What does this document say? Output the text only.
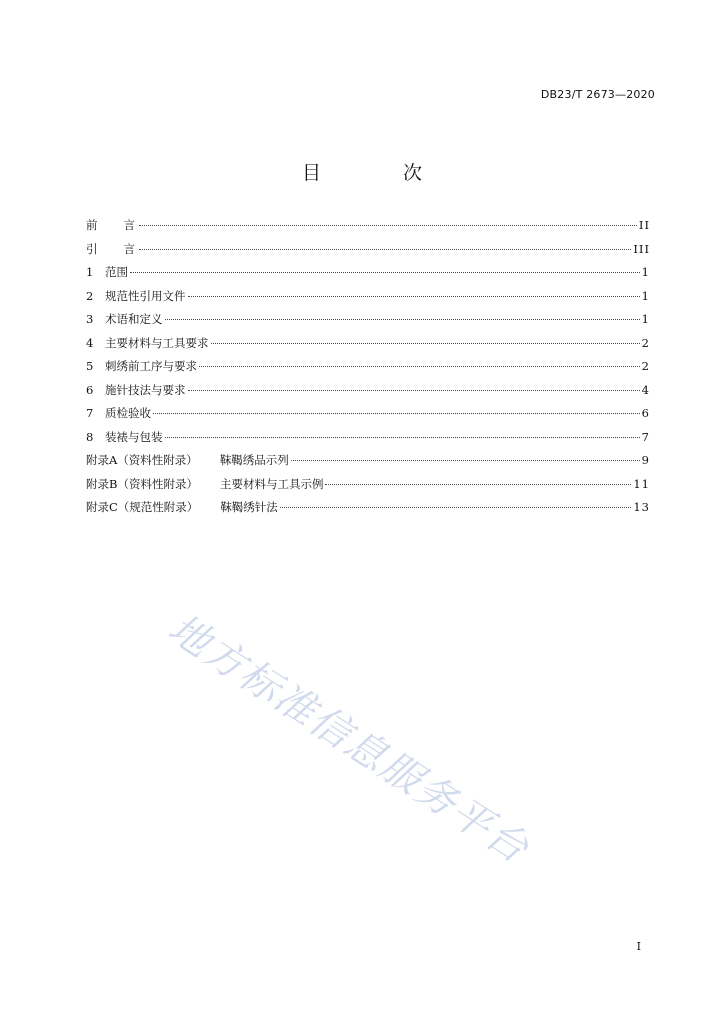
DB23/T 2673—2020
目 次
前 言	II
引 言	III
1	范围	1
2	规范性引用文件	1
3	术语和定义	1
4	主要材料与工具要求	2
5	刺绣前工序与要求	2
6	施针技法与要求	4
7	质检验收	6
8	装裱与包装	7
附录A（资料性附录） 靺鞨绣品示列	9
附录B（资料性附录） 主要材料与工具示例	11
附录C（规范性附录） 靺鞨绣针法	13
地方标准信息服务平台
I
